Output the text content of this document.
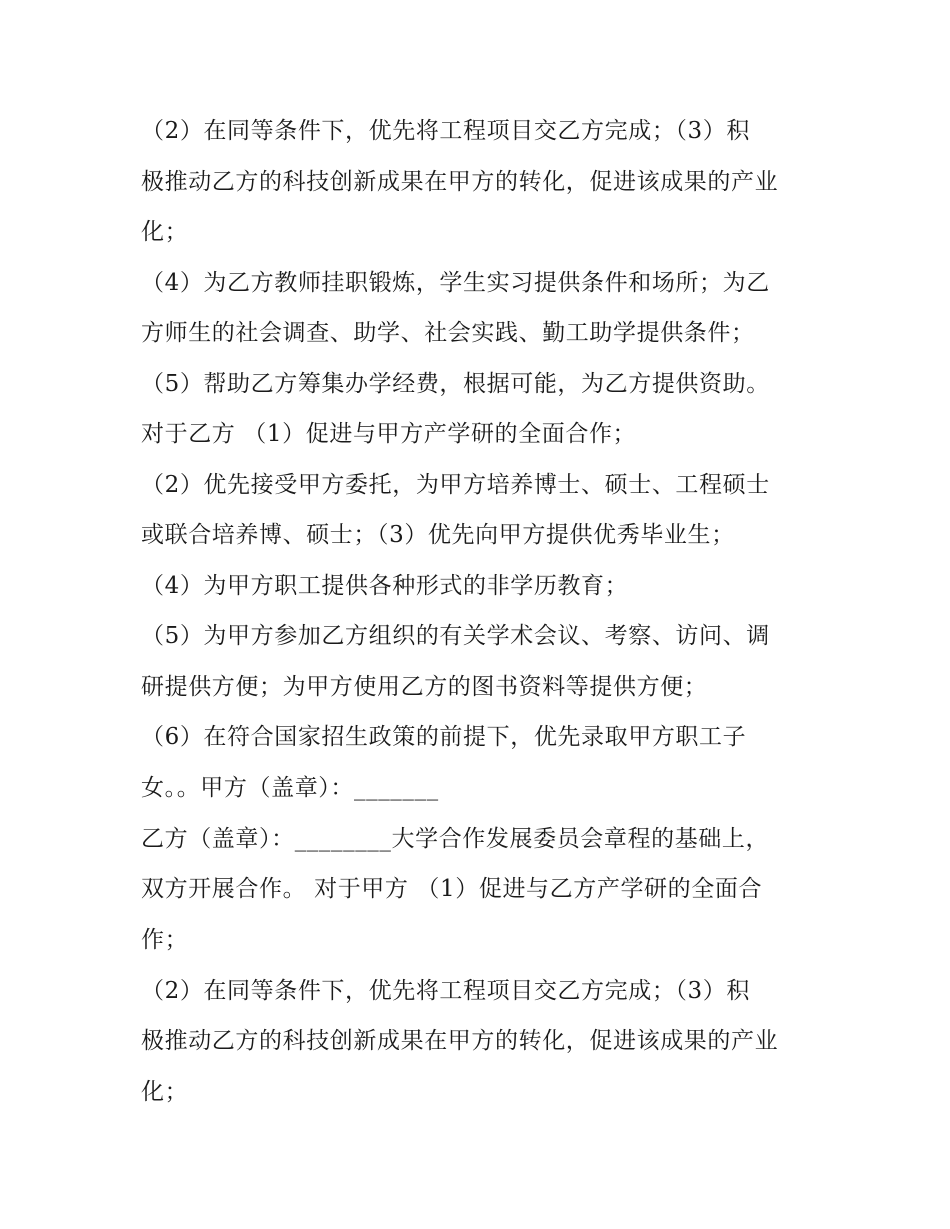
（2）在同等条件下，优先将工程项目交乙方完成；（3）积
极推动乙方的科技创新成果在甲方的转化，促进该成果的产业
化；
（4）为乙方教师挂职锻炼，学生实习提供条件和场所；为乙
方师生的社会调查、助学、社会实践、勤工助学提供条件；
（5）帮助乙方筹集办学经费，根据可能，为乙方提供资助。
对于乙方 （1）促进与甲方产学研的全面合作；
（2）优先接受甲方委托，为甲方培养博士、硕士、工程硕士
或联合培养博、硕士；（3）优先向甲方提供优秀毕业生；
（4）为甲方职工提供各种形式的非学历教育；
（5）为甲方参加乙方组织的有关学术会议、考察、访问、调
研提供方便；为甲方使用乙方的图书资料等提供方便；
（6）在符合国家招生政策的前提下，优先录取甲方职工子
女。。甲方（盖章）：_______
乙方（盖章）：________大学合作发展委员会章程的基础上，
双方开展合作。 对于甲方 （1）促进与乙方产学研的全面合
作；
（2）在同等条件下，优先将工程项目交乙方完成；（3）积
极推动乙方的科技创新成果在甲方的转化，促进该成果的产业
化；
